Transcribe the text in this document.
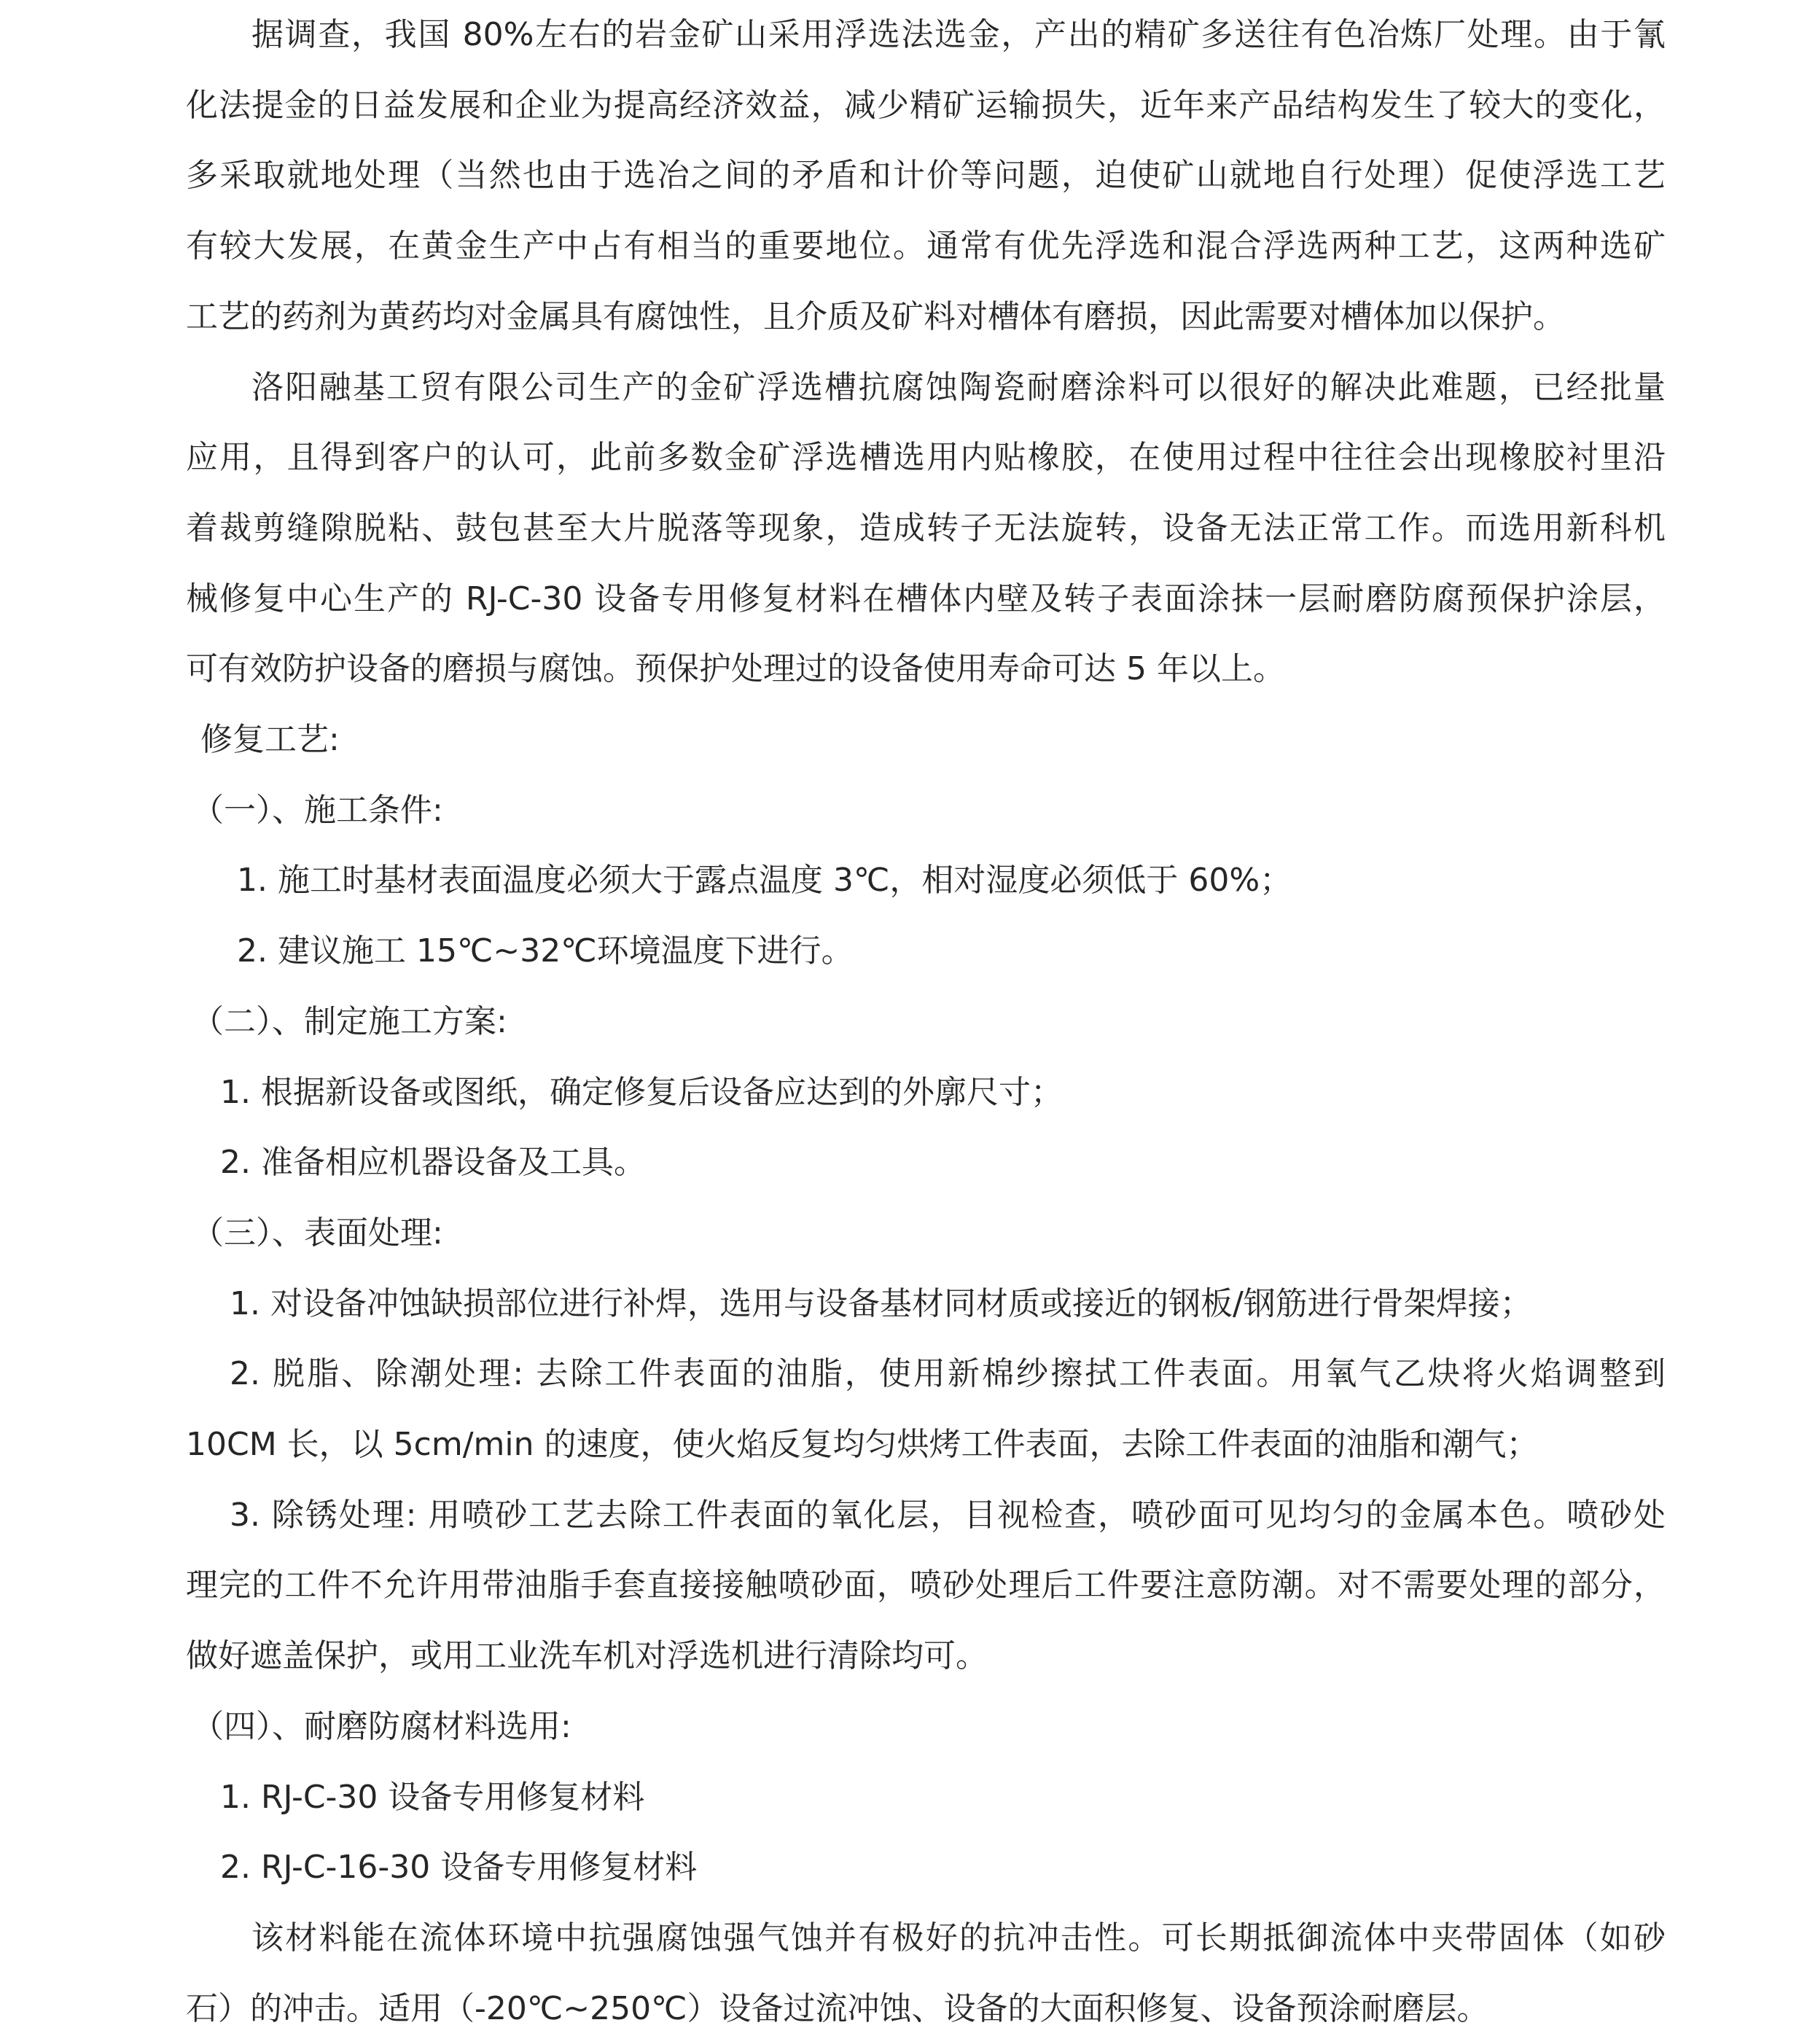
据调查，我国 80%左右的岩金矿山采用浮选法选金，产出的精矿多送往有色冶炼厂处理。由于氰

化法提金的日益发展和企业为提高经济效益，减少精矿运输损失，近年来产品结构发生了较大的变化，

多采取就地处理（当然也由于选冶之间的矛盾和计价等问题，迫使矿山就地自行处理）促使浮选工艺

有较大发展，在黄金生产中占有相当的重要地位。通常有优先浮选和混合浮选两种工艺，这两种选矿

工艺的药剂为黄药均对金属具有腐蚀性，且介质及矿料对槽体有磨损，因此需要对槽体加以保护。

洛阳融基工贸有限公司生产的金矿浮选槽抗腐蚀陶瓷耐磨涂料可以很好的解决此难题，已经批量

应用，且得到客户的认可，此前多数金矿浮选槽选用内贴橡胶，在使用过程中往往会出现橡胶衬里沿

着裁剪缝隙脱粘、鼓包甚至大片脱落等现象，造成转子无法旋转，设备无法正常工作。而选用新科机

械修复中心生产的 RJ-C-30 设备专用修复材料在槽体内壁及转子表面涂抹一层耐磨防腐预保护涂层，

可有效防护设备的磨损与腐蚀。预保护处理过的设备使用寿命可达 5 年以上。

修复工艺:

（一）、施工条件:

1. 施工时基材表面温度必须大于露点温度 3℃，相对湿度必须低于 60%；

2. 建议施工 15℃~32℃环境温度下进行。

（二）、制定施工方案:

1. 根据新设备或图纸，确定修复后设备应达到的外廓尺寸；

2. 准备相应机器设备及工具。

（三）、表面处理:

1. 对设备冲蚀缺损部位进行补焊，选用与设备基材同材质或接近的钢板/钢筋进行骨架焊接；

2. 脱脂、除潮处理: 去除工件表面的油脂，使用新棉纱擦拭工件表面。用氧气乙炔将火焰调整到

10CM 长，以 5cm/min 的速度，使火焰反复均匀烘烤工件表面，去除工件表面的油脂和潮气；

3. 除锈处理: 用喷砂工艺去除工件表面的氧化层，目视检查，喷砂面可见均匀的金属本色。喷砂处

理完的工件不允许用带油脂手套直接接触喷砂面，喷砂处理后工件要注意防潮。对不需要处理的部分，

做好遮盖保护，或用工业洗车机对浮选机进行清除均可。

（四）、耐磨防腐材料选用:

1. RJ-C-30 设备专用修复材料

2. RJ-C-16-30 设备专用修复材料

该材料能在流体环境中抗强腐蚀强气蚀并有极好的抗冲击性。可长期抵御流体中夹带固体（如砂

石）的冲击。适用（-20℃~250℃）设备过流冲蚀、设备的大面积修复、设备预涂耐磨层。
